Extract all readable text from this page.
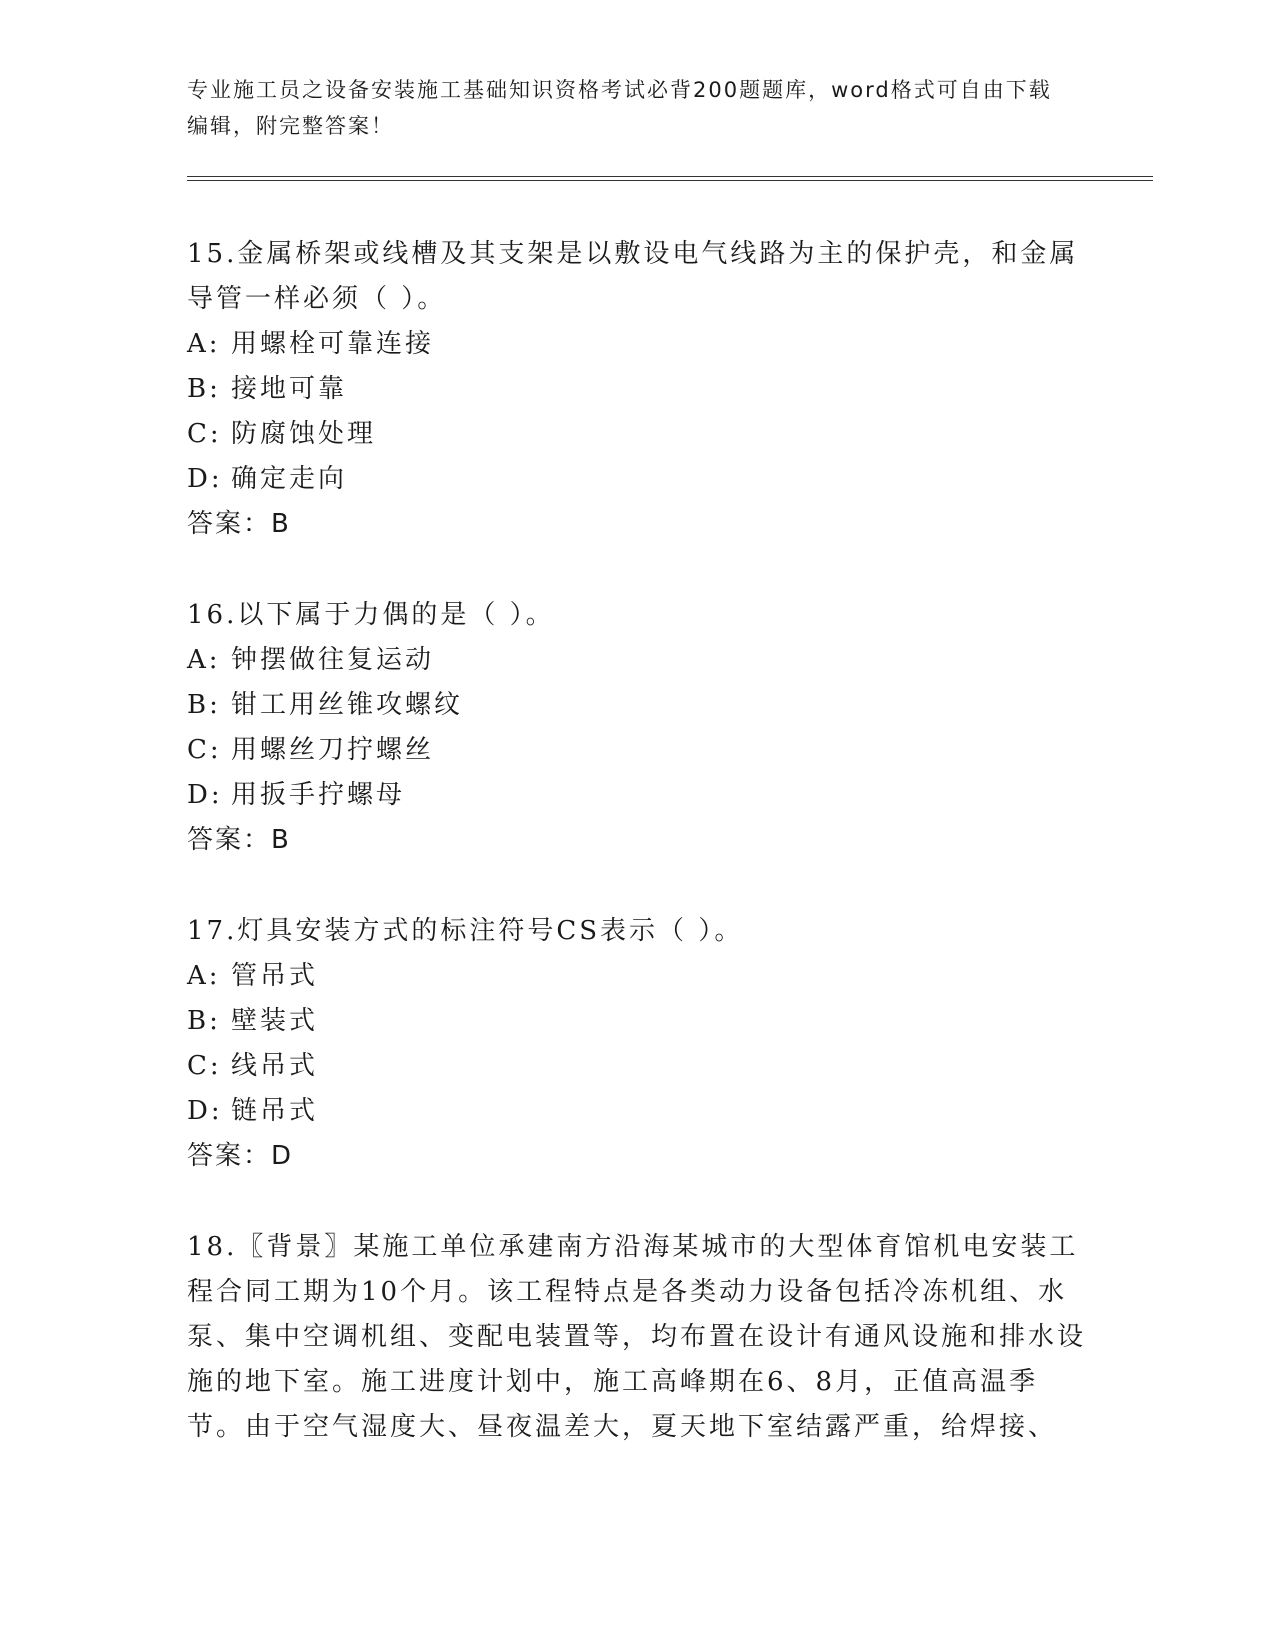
专业施工员之设备安装施工基础知识资格考试必背200题题库，word格式可自由下载编辑，附完整答案！
15.金属桥架或线槽及其支架是以敷设电气线路为主的保护壳，和金属导管一样必须（ ）。
A: 用螺栓可靠连接
B: 接地可靠
C: 防腐蚀处理
D: 确定走向
答案：B
16.以下属于力偶的是（ ）。
A: 钟摆做往复运动
B: 钳工用丝锥攻螺纹
C: 用螺丝刀拧螺丝
D: 用扳手拧螺母
答案：B
17.灯具安装方式的标注符号CS表示（ ）。
A: 管吊式
B: 壁装式
C: 线吊式
D: 链吊式
答案：D
18.〖背景〗某施工单位承建南方沿海某城市的大型体育馆机电安装工程合同工期为10个月。该工程特点是各类动力设备包括冷冻机组、水泵、集中空调机组、变配电装置等，均布置在设计有通风设施和排水设施的地下室。施工进度计划中，施工高峰期在6、8月，正值高温季节。由于空气湿度大、昼夜温差大，夏天地下室结露严重，给焊接、
